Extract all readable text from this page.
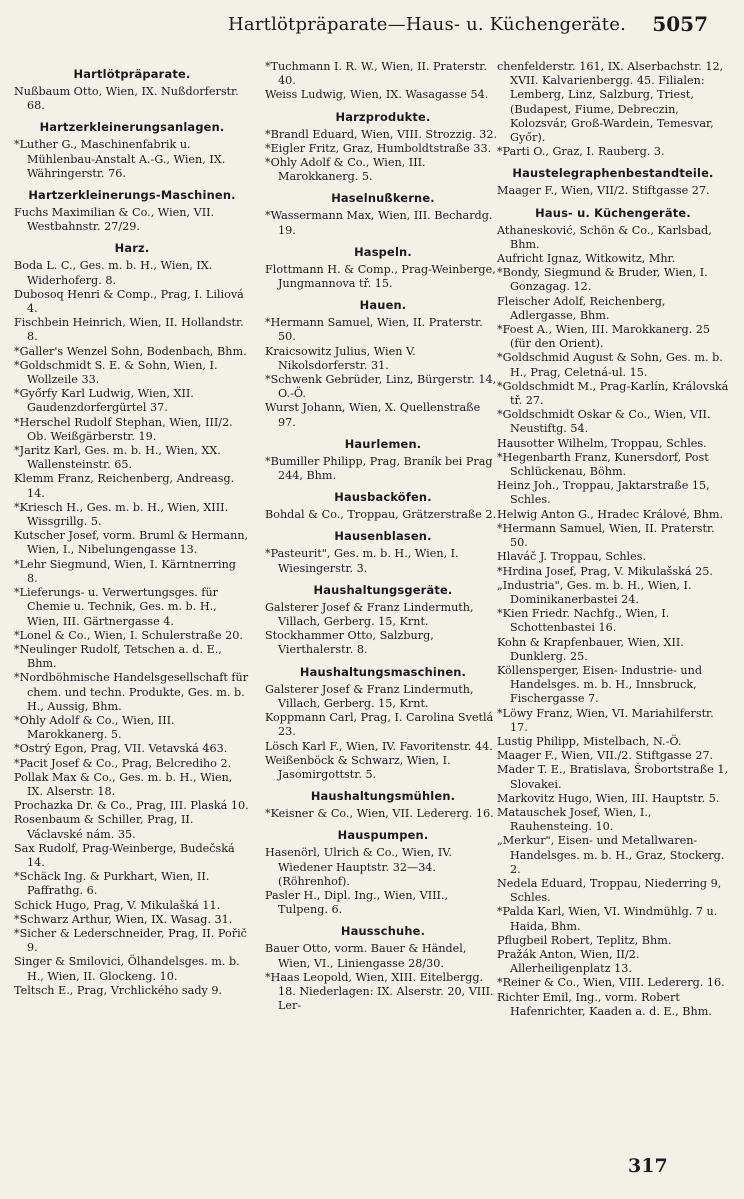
Hartlötpräparate—Haus- u. Küchengeräte. 5057
Hartlötpräparate.
Nußbaum Otto, Wien, IX. Nußdorferstr. 68.
Hartzerkleinerungsanlagen.
*Luther G., Maschinenfabrik u. Mühlenbau-Anstalt A.-G., Wien, IX. Währingerstr. 76.
Hartzerkleinerungs-Maschinen.
Fuchs Maximilian & Co., Wien, VII. Westbahnstr. 27/29.
Harz.
Boda L. C., Ges. m. b. H., Wien, IX. Widerhoferg. 8.
Dubosoq Henri & Comp., Prag, I. Liliová 4.
Fischbein Heinrich, Wien, II. Hollandstr. 8.
*Galler's Wenzel Sohn, Bodenbach, Bhm.
*Goldschmidt S. E. & Sohn, Wien, I. Wollzeile 33.
*Győrfy Karl Ludwig, Wien, XII. Gaudenzdorfergürtel 37.
*Herschel Rudolf Stephan, Wien, III/2. Ob. Weißgärberstr. 19.
*Jaritz Karl, Ges. m. b. H., Wien, XX. Wallensteinstr. 65.
Klemm Franz, Reichenberg, Andreasg. 14.
*Kriesch H., Ges. m. b. H., Wien, XIII. Wissgrillg. 5.
Kutscher Josef, vorm. Bruml & Hermann, Wien, I., Nibelungengasse 13.
*Lehr Siegmund, Wien, I. Kärntnerring 8.
*Lieferungs- u. Verwertungsges. für Chemie u. Technik, Ges. m. b. H., Wien, III. Gärtnergasse 4.
*Lonel & Co., Wien, I. Schulerstraße 20.
*Neulinger Rudolf, Tetschen a. d. E., Bhm.
*Nordböhmische Handelsgesellschaft für chem. und techn. Produkte, Ges. m. b. H., Aussig, Bhm.
*Ohly Adolf & Co., Wien, III. Marokkanerg. 5.
*Ostrý Egon, Prag, VII. Vetavská 463.
*Pacit Josef & Co., Prag, Belcrediho 2.
Pollak Max & Co., Ges. m. b. H., Wien, IX. Alserstr. 18.
Prochazka Dr. & Co., Prag, III. Plaská 10.
Rosenbaum & Schiller, Prag, II. Václavské nám. 35.
Sax Rudolf, Prag-Weinberge, Budečská 14.
*Schäck Ing. & Purkhart, Wien, II. Paffrathg. 6.
Schick Hugo, Prag, V. Mikulašká 11.
*Schwarz Arthur, Wien, IX. Wasag. 31.
*Sicher & Lederschneider, Prag, II. Pořič 9.
Singer & Smilovici, Ölhandelsges. m. b. H., Wien, II. Glockeng. 10.
Teltsch E., Prag, Vrchlického sady 9.
*Tuchmann I. R. W., Wien, II. Praterstr. 40.
Weiss Ludwig, Wien, IX. Wasagasse 54.
Harzprodukte.
*Brandl Eduard, Wien, VIII. Strozzig. 32.
*Eigler Fritz, Graz, Humboldtstraße 33.
*Ohly Adolf & Co., Wien, III. Marokkanerg. 5.
Haselnußkerne.
*Wassermann Max, Wien, III. Bechardg. 19.
Haspeln.
Flottmann H. & Comp., Prag-Weinberge, Jungmannova tř. 15.
Hauen.
*Hermann Samuel, Wien, II. Praterstr. 50.
Kraicsowitz Julius, Wien V. Nikolsdorferstr. 31.
*Schwenk Gebrüder, Linz, Bürgerstr. 14, O.-Ö.
Wurst Johann, Wien, X. Quellenstraße 97.
Haurlemen.
*Bumiller Philipp, Prag, Braník bei Prag 244, Bhm.
Hausbacköfen.
Bohdal & Co., Troppau, Grätzerstraße 2.
Hausenblasen.
*Pasteurit", Ges. m. b. H., Wien, I. Wiesingerstr. 3.
Haushaltungsgeräte.
Galsterer Josef & Franz Lindermuth, Villach, Gerberg. 15, Krnt.
Stockhammer Otto, Salzburg, Vierthalerstr. 8.
Haushaltungsmaschinen.
Galsterer Josef & Franz Lindermuth, Villach, Gerberg. 15, Krnt.
Koppmann Carl, Prag, I. Carolina Svetlá 23.
Lösch Karl F., Wien, IV. Favoritenstr. 44.
Weißenböck & Schwarz, Wien, I. Jasomirgottstr. 5.
Haushaltungsmühlen.
*Keisner & Co., Wien, VII. Ledererg. 16.
Hauspumpen.
Hasenörl, Ulrich & Co., Wien, IV. Wiedener Hauptstr. 32—34. (Röhrenhof).
Pasler H., Dipl. Ing., Wien, VIII., Tulpeng. 6.
Hausschuhe.
Bauer Otto, vorm. Bauer & Händel, Wien, VI., Liniengasse 28/30.
*Haas Leopold, Wien, XIII. Eitelbergg. 18. Niederlagen: IX. Alserstr. 20, VIII. Ler-
chenfelderstr. 161, IX. Alserbachstr. 12, XVII. Kalvarienbergg. 45. Filialen: Lemberg, Linz, Salzburg, Triest, (Budapest, Fiume, Debreczin, Kolozsvár, Groß-Wardein, Temesvar, Győr).
*Parti O., Graz, I. Rauberg. 3.
Haustelegraphenbestandteile.
Maager F., Wien, VII/2. Stiftgasse 27.
Haus- u. Küchengeräte.
Athanesković, Schön & Co., Karlsbad, Bhm.
Aufricht Ignaz, Witkowitz, Mhr.
*Bondy, Siegmund & Bruder, Wien, I. Gonzagag. 12.
Fleischer Adolf, Reichenberg, Adlergasse, Bhm.
*Foest A., Wien, III. Marokkanerg. 25 (für den Orient).
*Goldschmid August & Sohn, Ges. m. b. H., Prag, Celetná-ul. 15.
*Goldschmidt M., Prag-Karlín, Královská tř. 27.
*Goldschmidt Oskar & Co., Wien, VII. Neustiftg. 54.
Hausotter Wilhelm, Troppau, Schles.
*Hegenbarth Franz, Kunersdorf, Post Schlückenau, Böhm.
Heinz Joh., Troppau, Jaktarstraße 15, Schles.
Helwig Anton G., Hradec Králové, Bhm.
*Hermann Samuel, Wien, II. Praterstr. 50.
Hlaváč J. Troppau, Schles.
*Hrdina Josef, Prag, V. Mikulašská 25.
„Industria", Ges. m. b. H., Wien, I. Dominikanerbastei 24.
*Kien Friedr. Nachfg., Wien, I. Schottenbastei 16.
Kohn & Krapfenbauer, Wien, XII. Dunklerg. 25.
Köllensperger, Eisen- Industrie- und Handelsges. m. b. H., Innsbruck, Fischergasse 7.
*Löwy Franz, Wien, VI. Mariahilferstr. 17.
Lustig Philipp, Mistelbach, N.-Ö.
Maager F., Wien, VII./2. Stiftgasse 27.
Mader T. E., Bratislava, Šrobortstraße 1, Slovakei.
Markovitz Hugo, Wien, III. Hauptstr. 5.
Matauschek Josef, Wien, I., Rauhensteing. 10.
„Merkur", Eisen- und Metallwaren-Handelsges. m. b. H., Graz, Stockerg. 2.
Nedela Eduard, Troppau, Niederring 9, Schles.
*Palda Karl, Wien, VI. Windmühlg. 7 u. Haida, Bhm.
Pflugbeil Robert, Teplitz, Bhm.
Pražák Anton, Wien, II/2. Allerheiligenplatz 13.
*Reiner & Co., Wien, VIII. Ledererg. 16.
Richter Emil, Ing., vorm. Robert Hafenrichter, Kaaden a. d. E., Bhm.
317
